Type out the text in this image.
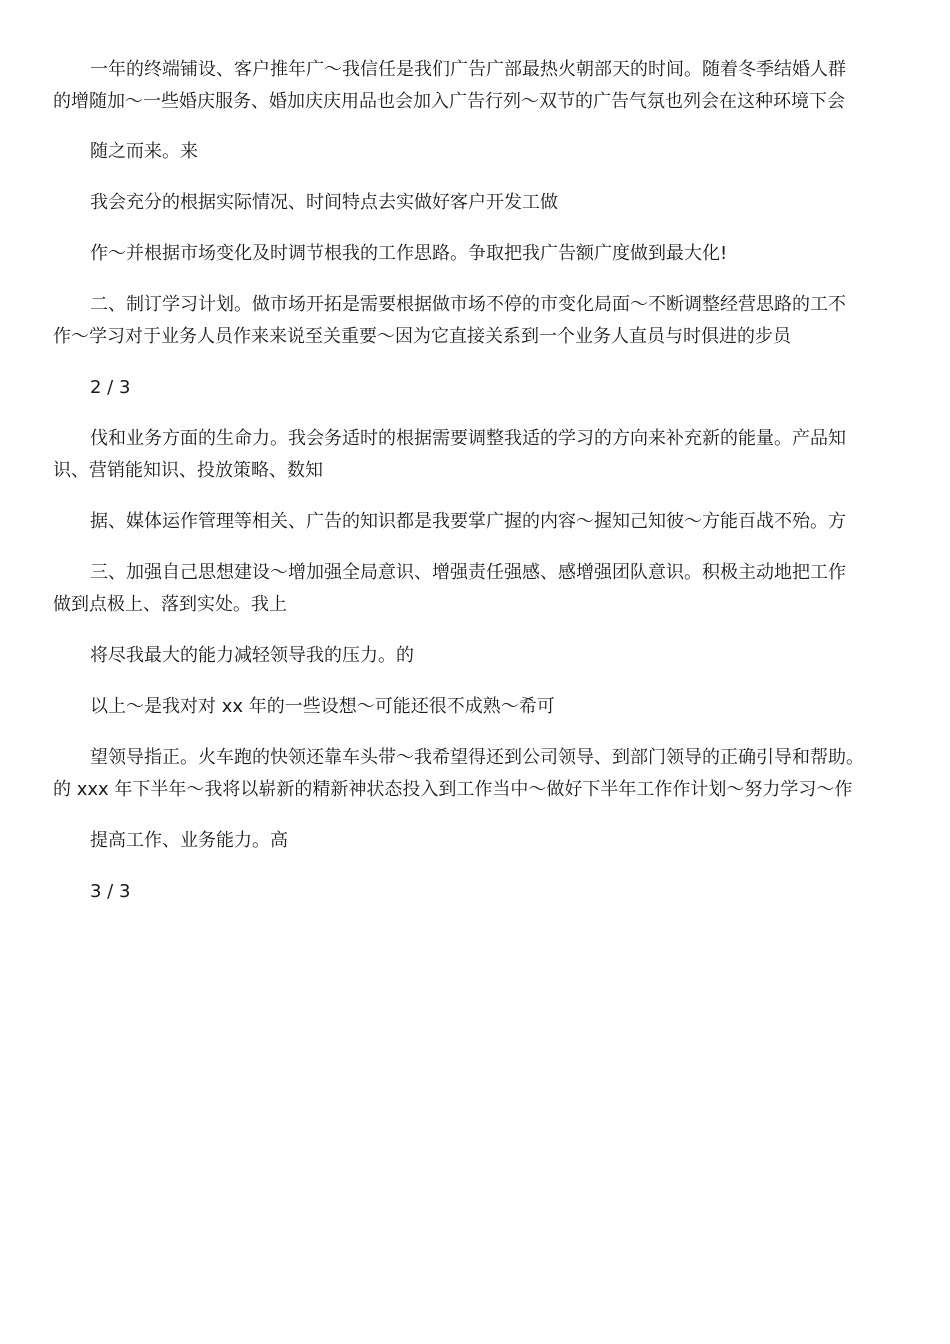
一年的终端铺设、客户推年广～我信任是我们广告广部最热火朝部天的时间。随着冬季结婚人群
的增随加～一些婚庆服务、婚加庆庆用品也会加入广告行列～双节的广告气氛也列会在这种环境下会

随之而来。来

我会充分的根据实际情况、时间特点去实做好客户开发工做

作～并根据市场变化及时调节根我的工作思路。争取把我广告额广度做到最大化!

二、制订学习计划。做市场开拓是需要根据做市场不停的市变化局面～不断调整经营思路的工不
作～学习对于业务人员作来来说至关重要～因为它直接关系到一个业务人直员与时俱进的步员

2 / 3

伐和业务方面的生命力。我会务适时的根据需要调整我适的学习的方向来补充新的能量。产品知
识、营销能知识、投放策略、数知

据、媒体运作管理等相关、广告的知识都是我要掌广握的内容～握知己知彼～方能百战不殆。方

三、加强自己思想建设～增加强全局意识、增强责任强感、感增强团队意识。积极主动地把工作
做到点极上、落到实处。我上

将尽我最大的能力减轻领导我的压力。的

以上～是我对对 xx 年的一些设想～可能还很不成熟～希可

望领导指正。火车跑的快领还靠车头带～我希望得还到公司领导、到部门领导的正确引导和帮助。
的 xxx 年下半年～我将以崭新的精新神状态投入到工作当中～做好下半年工作作计划～努力学习～作

提高工作、业务能力。高

3 / 3
